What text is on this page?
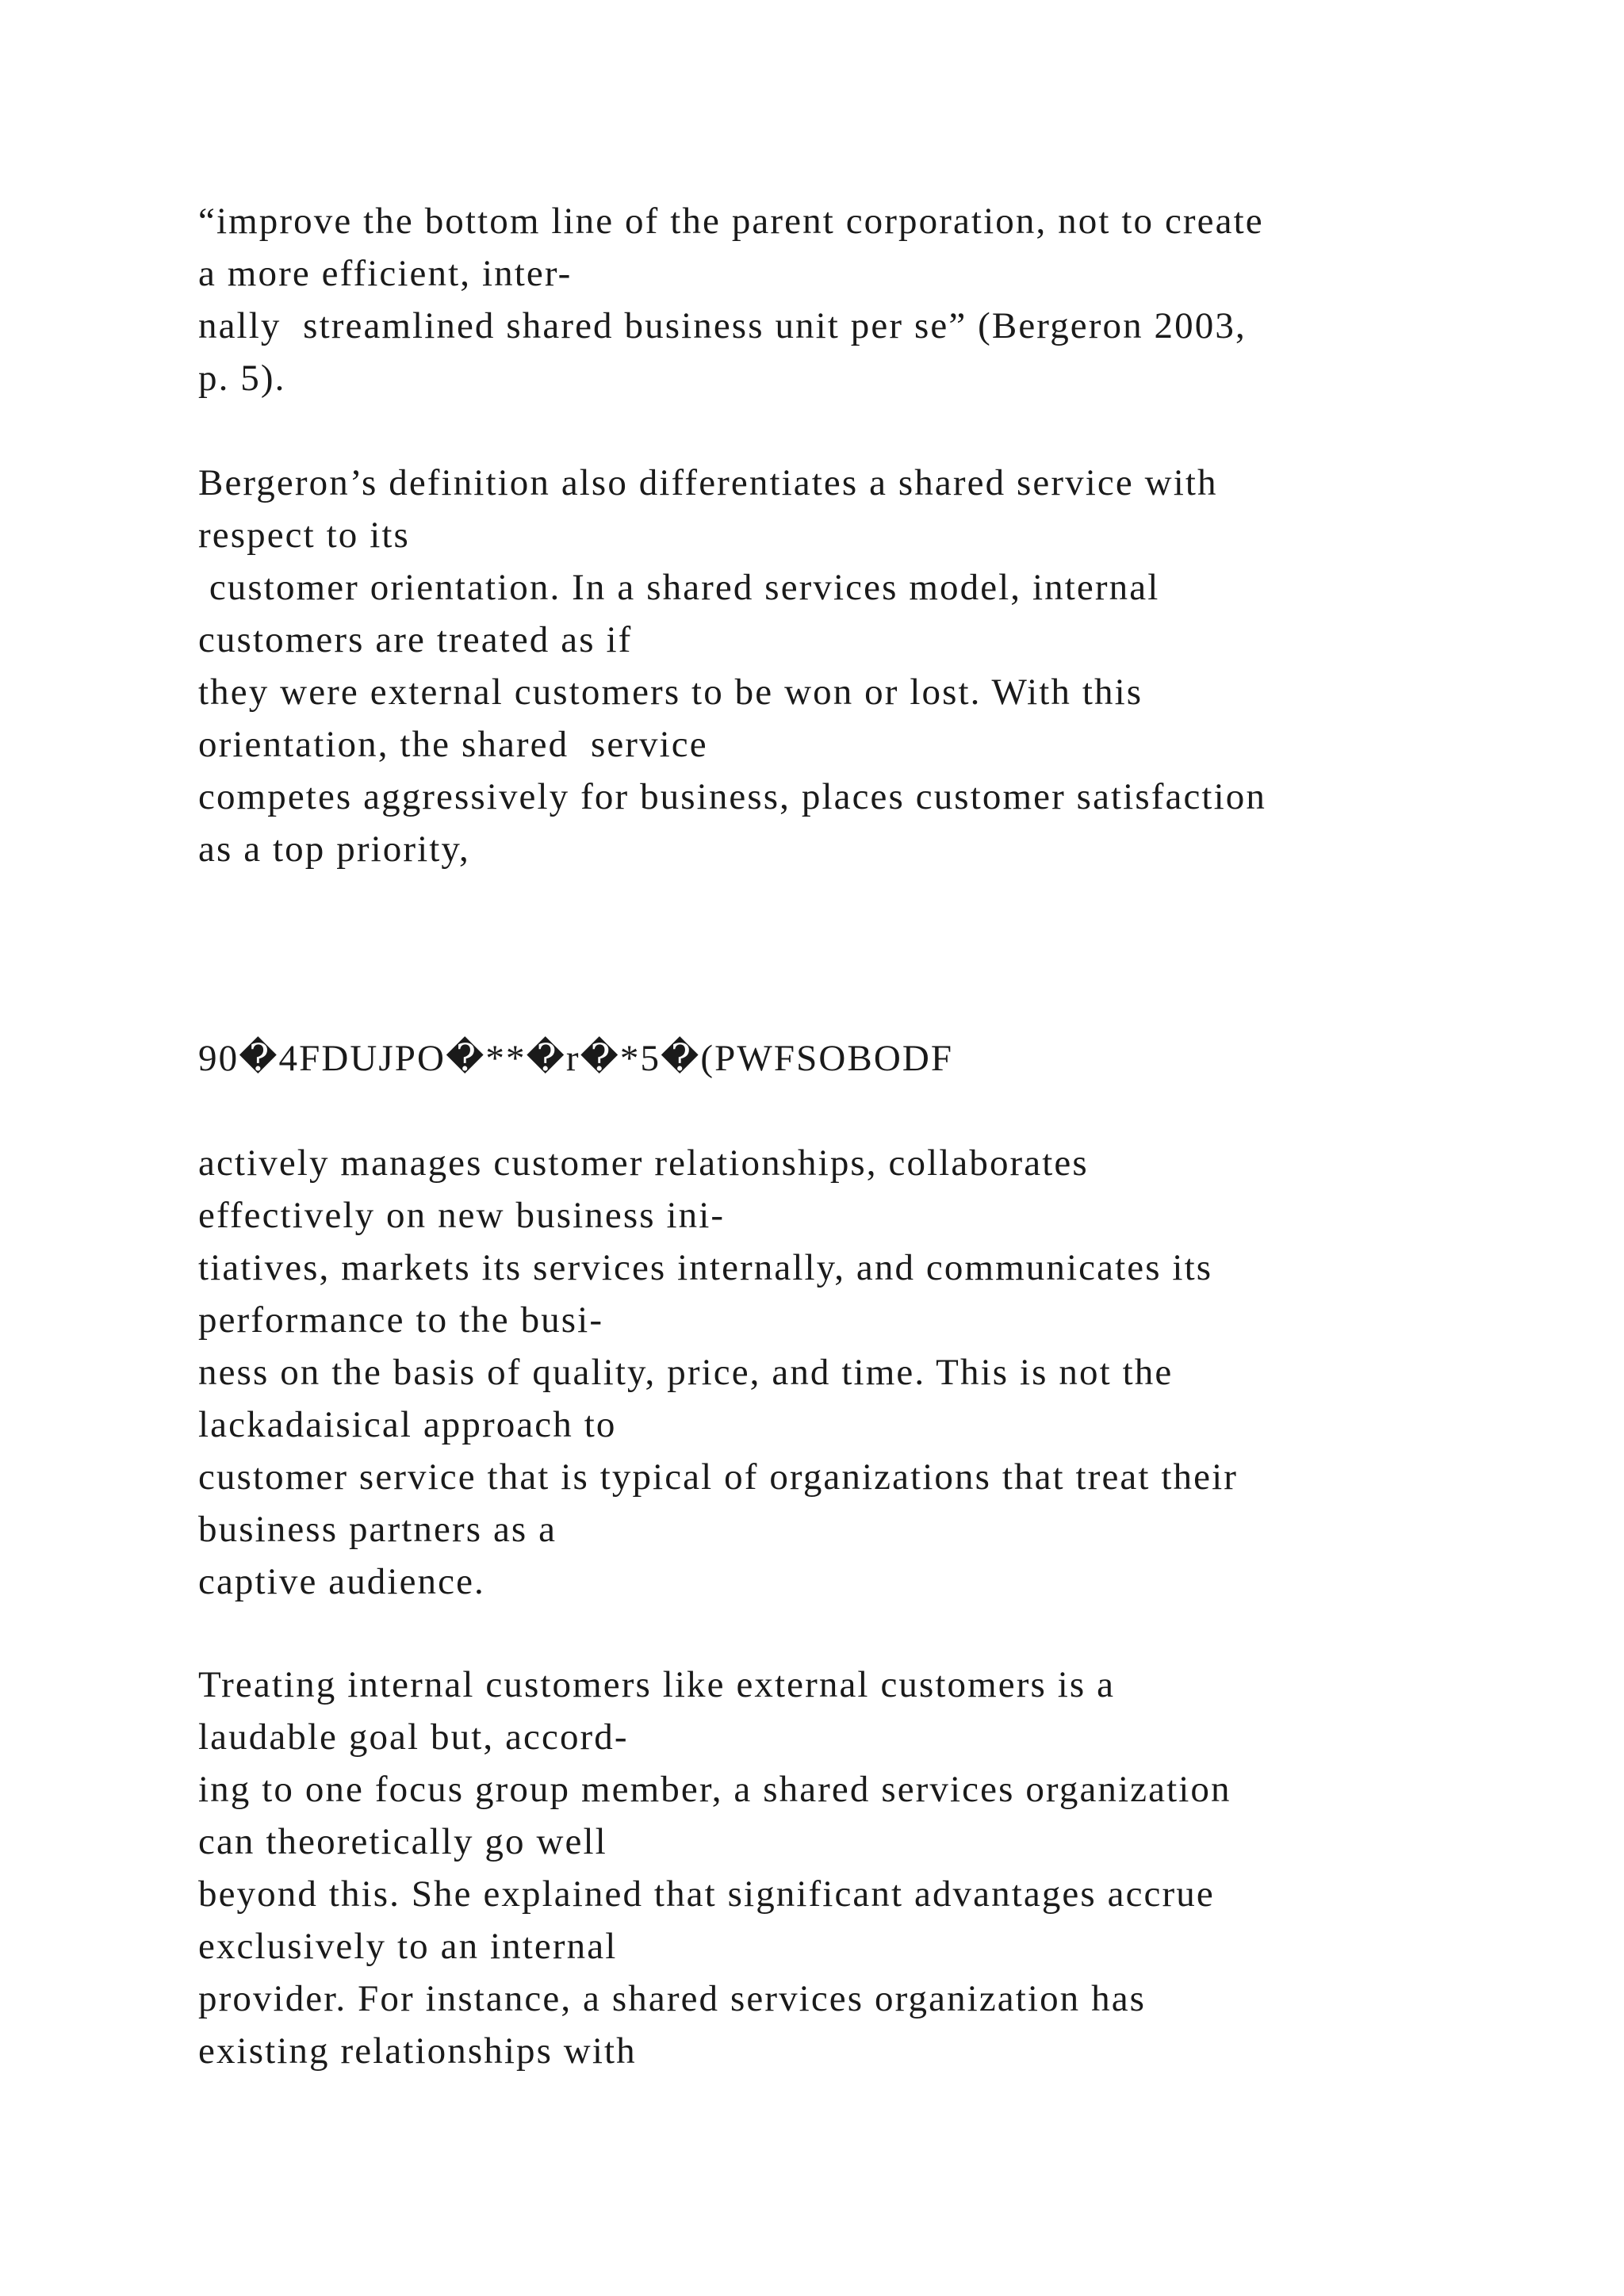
“improve the bottom line of the parent corporation, not to create
a more efficient, inter-
nally  streamlined shared business unit per se” (Bergeron 2003,
p. 5).

Bergeron’s definition also differentiates a shared service with
respect to its
customer orientation. In a shared services model, internal
customers are treated as if
they were external customers to be won or lost. With this
orientation, the shared  service
competes aggressively for business, places customer satisfaction
as a top priority,

90�4FDUJPO�**�r�*5�(PWFSOBODF

actively manages customer relationships, collaborates
effectively on new business ini-
tiatives, markets its services internally, and communicates its
performance to the busi-
ness on the basis of quality, price, and time. This is not the
lackadaisical approach to
customer service that is typical of organizations that treat their
business partners as a
captive audience.

Treating internal customers like external customers is a
laudable goal but, accord-
ing to one focus group member, a shared services organization
can theoretically go well
beyond this. She explained that significant advantages accrue
exclusively to an internal
provider. For instance, a shared services organization has
existing relationships with
